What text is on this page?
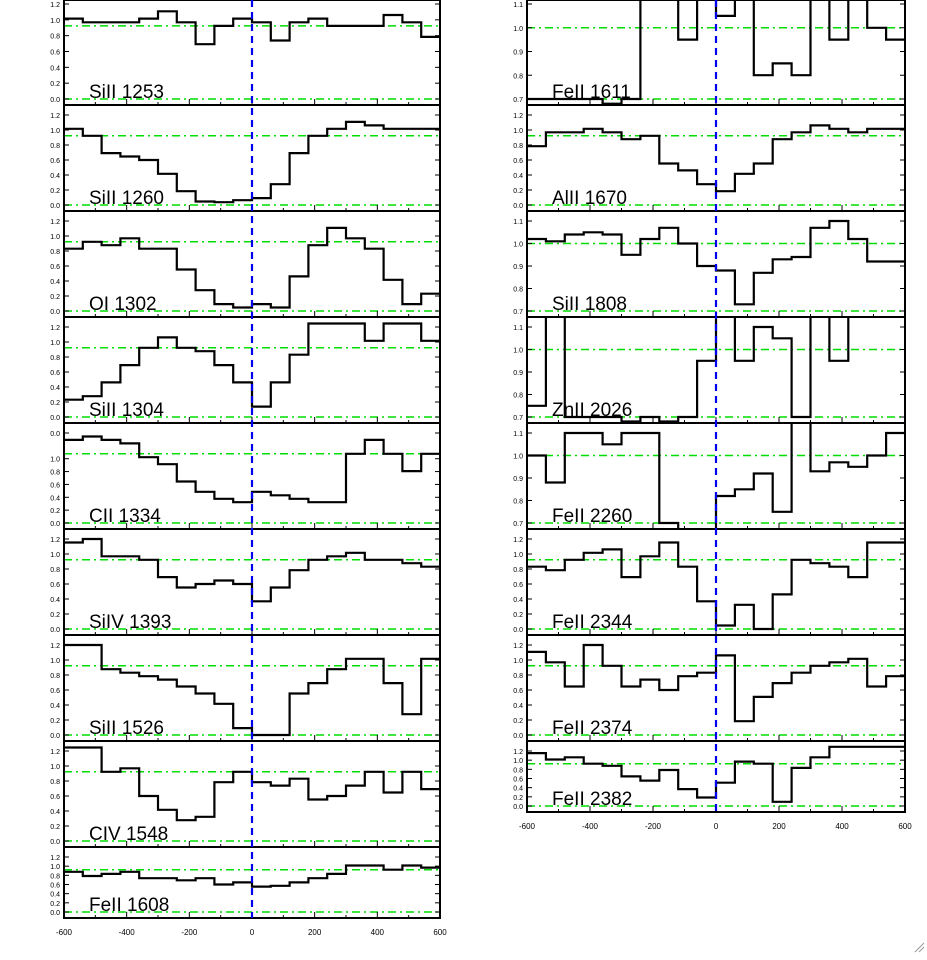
0.0
0.2
0.4
0.6
0.8
1.0
1.2
SiII 1253
0.0
0.2
0.4
0.6
0.8
1.0
1.2
SiII 1260
0.0
0.2
0.4
0.6
0.8
1.0
1.2
OI 1302
0.0
0.2
0.4
0.6
0.8
1.0
1.2
SiII 1304
0.0
0.2
0.4
0.6
0.8
1.0
0.0
CII 1334
0.0
0.2
0.4
0.6
0.8
1.0
1.2
SiIV 1393
0.0
0.2
0.4
0.6
0.8
1.0
1.2
SiII 1526
0.0
0.2
0.4
0.6
0.8
1.0
1.2
CIV 1548
0.0
0.2
0.4
0.6
0.8
1.0
1.2
FeII 1608
-600	-400	-200	0	200	400	600
0.7
0.8
0.9
1.0
1.1
FeII 1611
0.0
0.2
0.4
0.6
0.8
1.0
1.2
AlII 1670
0.7
0.8
0.9
1.0
1.1
SiII 1808
0.7
0.8
0.9
1.0
1.1
ZnII 2026
0.7
0.8
0.9
1.0
1.1
FeII 2260
0.0
0.2
0.4
0.6
0.8
1.0
1.2
FeII 2344
0.0
0.2
0.4
0.6
0.8
1.0
1.2
FeII 2374
0.0
0.2
0.4
0.6
0.8
1.0
1.2
FeII 2382
-600	-400	-200	0	200	400	600
